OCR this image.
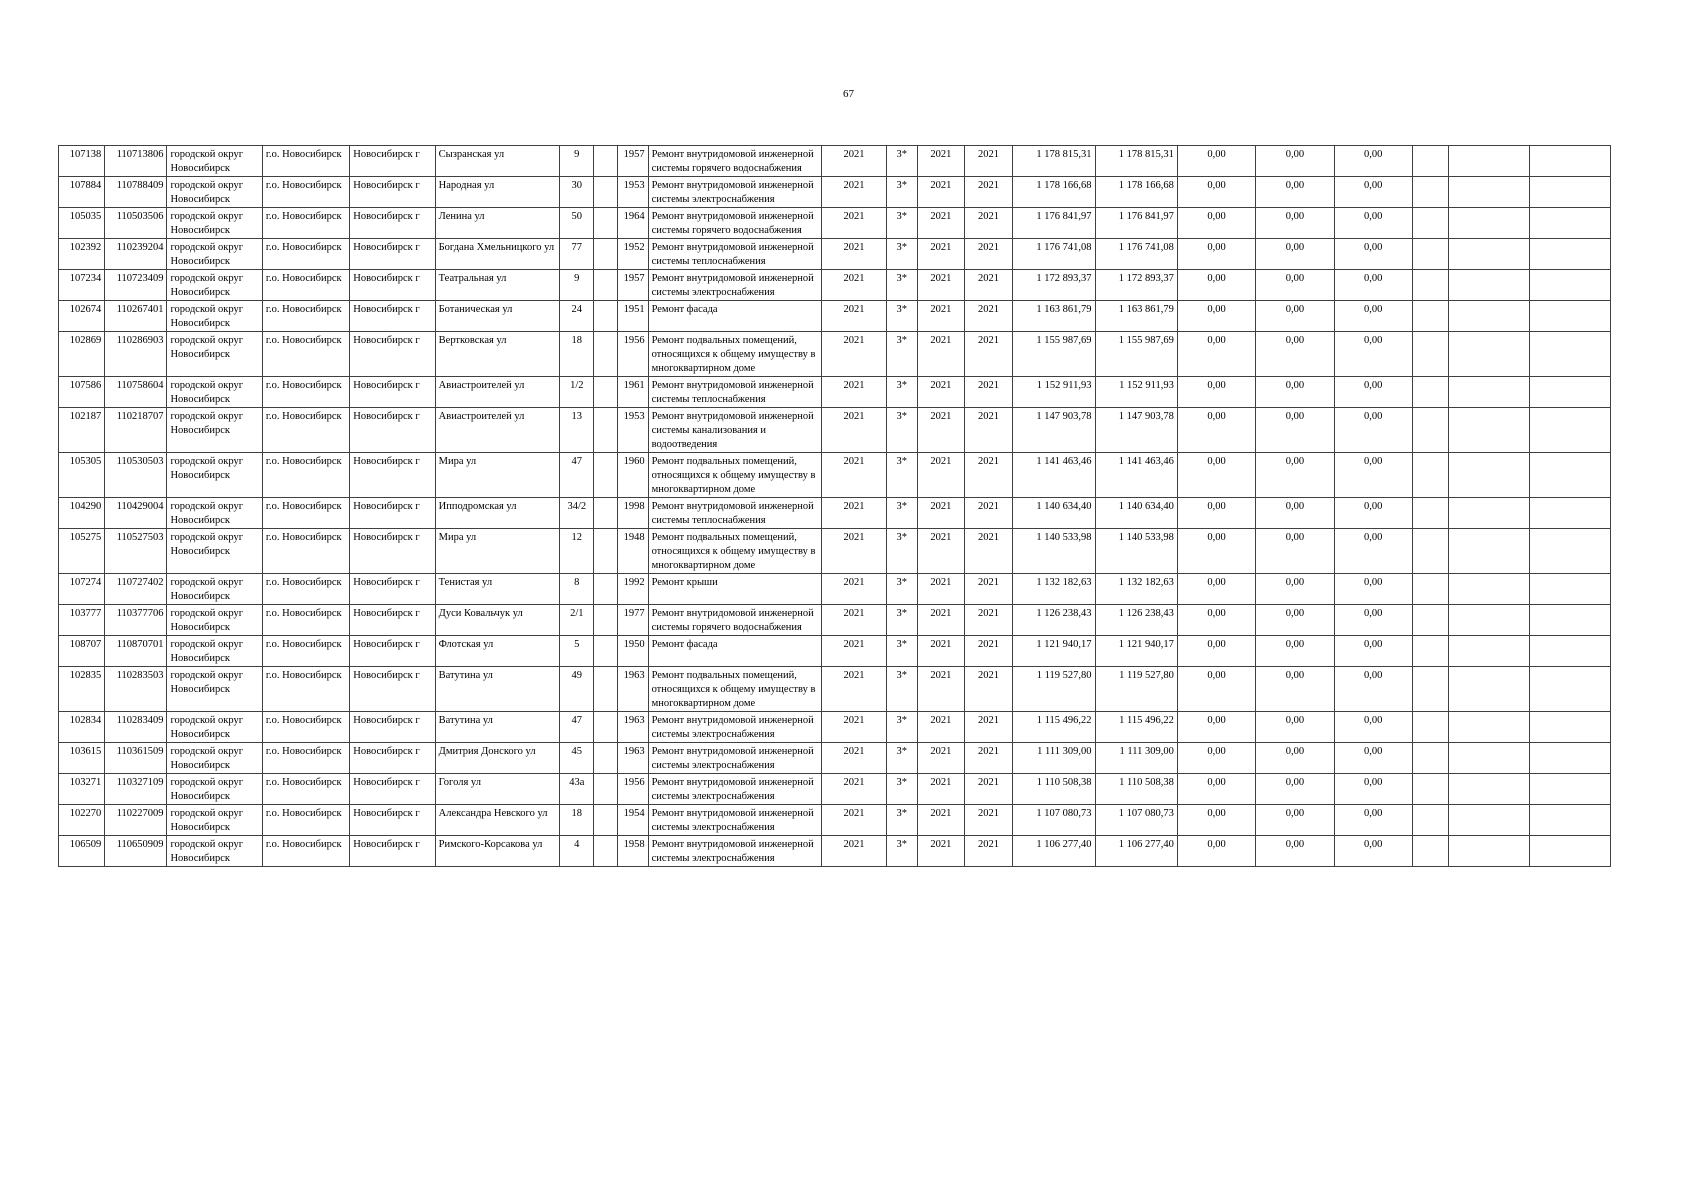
67
107138	110713806	городской округ Новосибирск	г.о. Новосибирск	Новосибирск г	Сызранская ул	9		1957	Ремонт внутридомовой инженерной системы горячего водоснабжения	2021	3*	2021	2021	1 178 815,31	1 178 815,31	0,00	0,00	0,00			
107884	110788409	городской округ Новосибирск	г.о. Новосибирск	Новосибирск г	Народная ул	30		1953	Ремонт внутридомовой инженерной системы электроснабжения	2021	3*	2021	2021	1 178 166,68	1 178 166,68	0,00	0,00	0,00			
105035	110503506	городской округ Новосибирск	г.о. Новосибирск	Новосибирск г	Ленина ул	50		1964	Ремонт внутридомовой инженерной системы горячего водоснабжения	2021	3*	2021	2021	1 176 841,97	1 176 841,97	0,00	0,00	0,00			
102392	110239204	городской округ Новосибирск	г.о. Новосибирск	Новосибирск г	Богдана Хмельницкого ул	77		1952	Ремонт внутридомовой инженерной системы теплоснабжения	2021	3*	2021	2021	1 176 741,08	1 176 741,08	0,00	0,00	0,00			
107234	110723409	городской округ Новосибирск	г.о. Новосибирск	Новосибирск г	Театральная ул	9		1957	Ремонт внутридомовой инженерной системы электроснабжения	2021	3*	2021	2021	1 172 893,37	1 172 893,37	0,00	0,00	0,00			
102674	110267401	городской округ Новосибирск	г.о. Новосибирск	Новосибирск г	Ботаническая ул	24		1951	Ремонт фасада	2021	3*	2021	2021	1 163 861,79	1 163 861,79	0,00	0,00	0,00			
102869	110286903	городской округ Новосибирск	г.о. Новосибирск	Новосибирск г	Вертковская ул	18		1956	Ремонт подвальных помещений, относящихся к общему имуществу в многоквартирном доме	2021	3*	2021	2021	1 155 987,69	1 155 987,69	0,00	0,00	0,00			
107586	110758604	городской округ Новосибирск	г.о. Новосибирск	Новосибирск г	Авиастроителей ул	1/2		1961	Ремонт внутридомовой инженерной системы теплоснабжения	2021	3*	2021	2021	1 152 911,93	1 152 911,93	0,00	0,00	0,00			
102187	110218707	городской округ Новосибирск	г.о. Новосибирск	Новосибирск г	Авиастроителей ул	13		1953	Ремонт внутридомовой инженерной системы канализования и водоотведения	2021	3*	2021	2021	1 147 903,78	1 147 903,78	0,00	0,00	0,00			
105305	110530503	городской округ Новосибирск	г.о. Новосибирск	Новосибирск г	Мира ул	47		1960	Ремонт подвальных помещений, относящихся к общему имуществу в многоквартирном доме	2021	3*	2021	2021	1 141 463,46	1 141 463,46	0,00	0,00	0,00			
104290	110429004	городской округ Новосибирск	г.о. Новосибирск	Новосибирск г	Ипподромская ул	34/2		1998	Ремонт внутридомовой инженерной системы теплоснабжения	2021	3*	2021	2021	1 140 634,40	1 140 634,40	0,00	0,00	0,00			
105275	110527503	городской округ Новосибирск	г.о. Новосибирск	Новосибирск г	Мира ул	12		1948	Ремонт подвальных помещений, относящихся к общему имуществу в многоквартирном доме	2021	3*	2021	2021	1 140 533,98	1 140 533,98	0,00	0,00	0,00			
107274	110727402	городской округ Новосибирск	г.о. Новосибирск	Новосибирск г	Тенистая ул	8		1992	Ремонт крыши	2021	3*	2021	2021	1 132 182,63	1 132 182,63	0,00	0,00	0,00			
103777	110377706	городской округ Новосибирск	г.о. Новосибирск	Новосибирск г	Дуси Ковальчук ул	2/1		1977	Ремонт внутридомовой инженерной системы горячего водоснабжения	2021	3*	2021	2021	1 126 238,43	1 126 238,43	0,00	0,00	0,00			
108707	110870701	городской округ Новосибирск	г.о. Новосибирск	Новосибирск г	Флотская ул	5		1950	Ремонт фасада	2021	3*	2021	2021	1 121 940,17	1 121 940,17	0,00	0,00	0,00			
102835	110283503	городской округ Новосибирск	г.о. Новосибирск	Новосибирск г	Ватутина ул	49		1963	Ремонт подвальных помещений, относящихся к общему имуществу в многоквартирном доме	2021	3*	2021	2021	1 119 527,80	1 119 527,80	0,00	0,00	0,00			
102834	110283409	городской округ Новосибирск	г.о. Новосибирск	Новосибирск г	Ватутина ул	47		1963	Ремонт внутридомовой инженерной системы электроснабжения	2021	3*	2021	2021	1 115 496,22	1 115 496,22	0,00	0,00	0,00			
103615	110361509	городской округ Новосибирск	г.о. Новосибирск	Новосибирск г	Дмитрия Донского ул	45		1963	Ремонт внутридомовой инженерной системы электроснабжения	2021	3*	2021	2021	1 111 309,00	1 111 309,00	0,00	0,00	0,00			
103271	110327109	городской округ Новосибирск	г.о. Новосибирск	Новосибирск г	Гоголя ул	43а		1956	Ремонт внутридомовой инженерной системы электроснабжения	2021	3*	2021	2021	1 110 508,38	1 110 508,38	0,00	0,00	0,00			
102270	110227009	городской округ Новосибирск	г.о. Новосибирск	Новосибирск г	Александра Невского ул	18		1954	Ремонт внутридомовой инженерной системы электроснабжения	2021	3*	2021	2021	1 107 080,73	1 107 080,73	0,00	0,00	0,00			
106509	110650909	городской округ Новосибирск	г.о. Новосибирск	Новосибирск г	Римского-Корсакова ул	4		1958	Ремонт внутридомовой инженерной системы электроснабжения	2021	3*	2021	2021	1 106 277,40	1 106 277,40	0,00	0,00	0,00			
